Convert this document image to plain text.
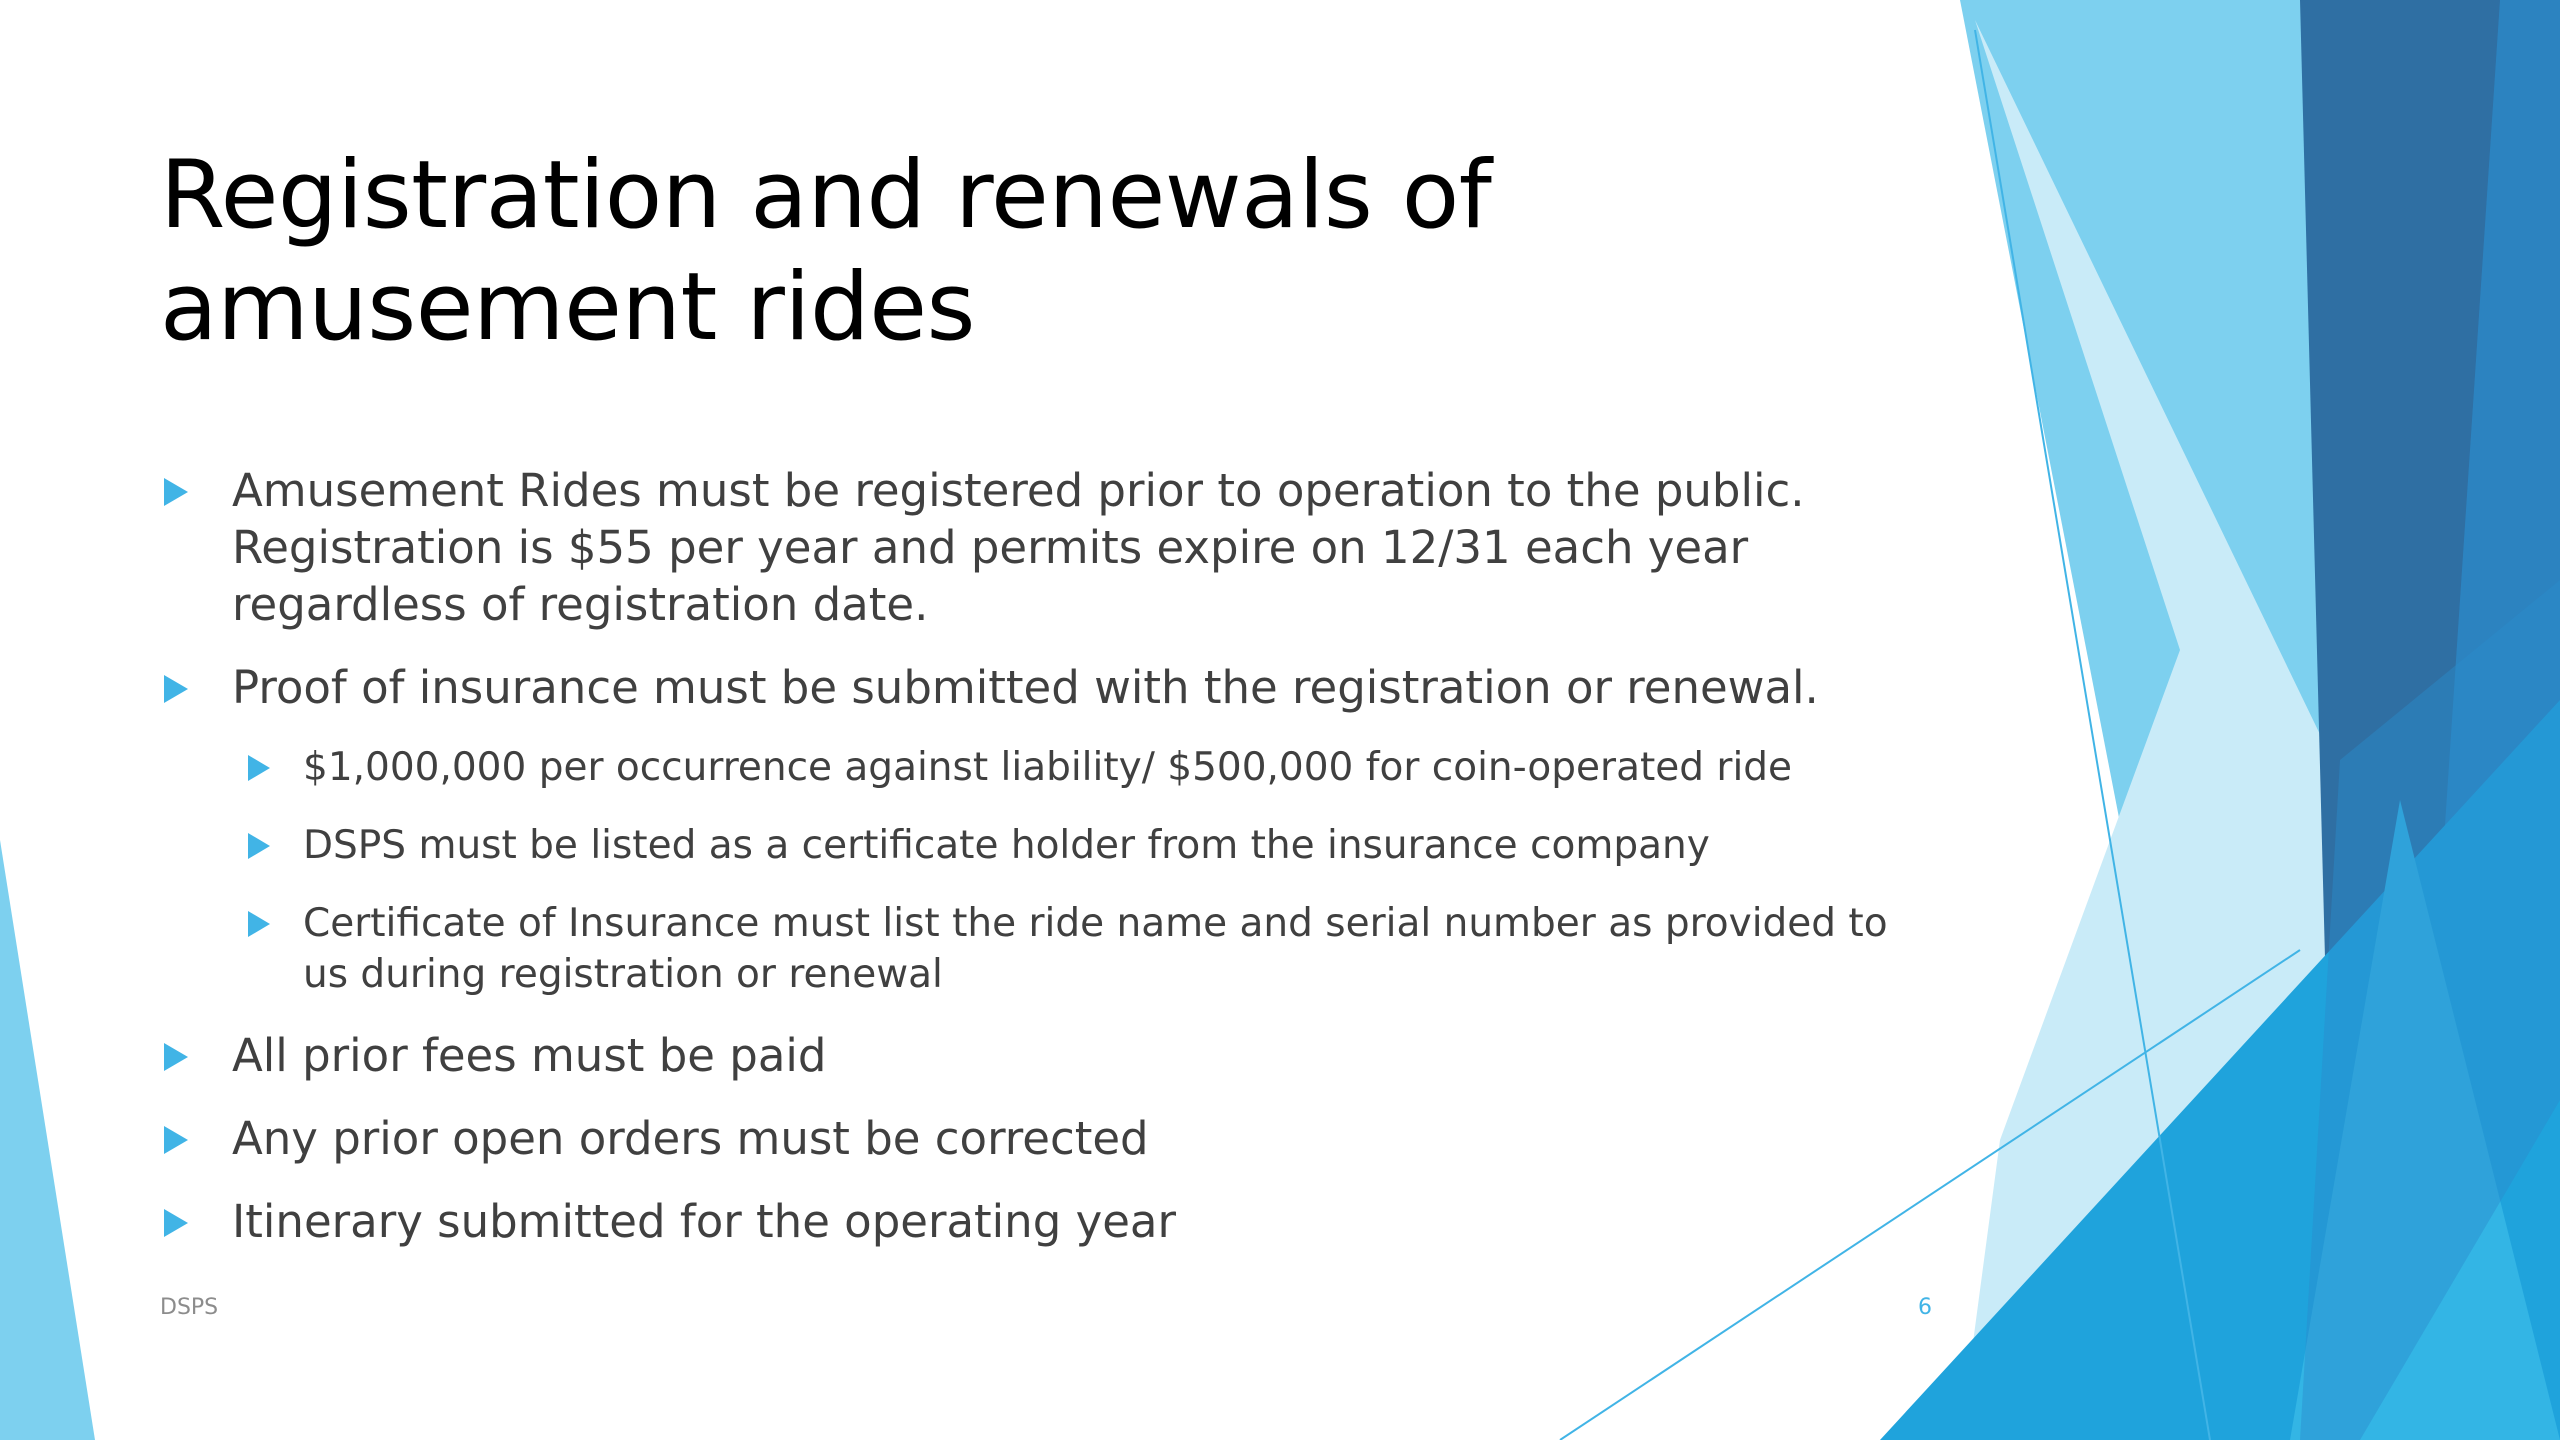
Registration and renewals of amusement rides
Amusement Rides must be registered prior to operation to the public. Registration is $55 per year and permits expire on 12/31 each year regardless of registration date.
Proof of insurance must be submitted with the registration or renewal.
$1,000,000 per occurrence against liability/ $500,000 for coin-operated ride
DSPS must be listed as a certificate holder from the insurance company
Certificate of Insurance must list the ride name and serial number as provided to us during registration or renewal
All prior fees must be paid
Any prior open orders must be corrected
Itinerary submitted for the operating year
DSPS	6
